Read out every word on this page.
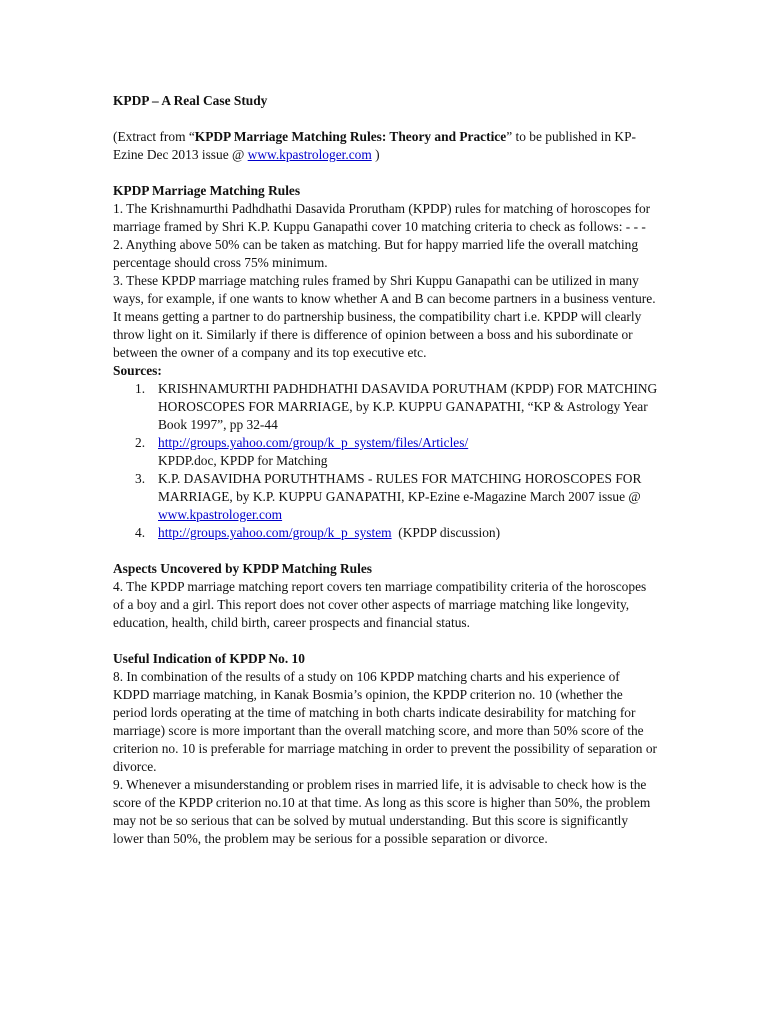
KPDP – A Real Case Study

(Extract from “KPDP Marriage Matching Rules: Theory and Practice” to be published in KP-Ezine Dec 2013 issue @ www.kpastrologer.com )

KPDP Marriage Matching Rules

1. The Krishnamurthi Padhdhathi Dasavida Prorutham (KPDP) rules for matching of horoscopes for marriage framed by Shri K.P. Kuppu Ganapathi cover 10 matching criteria to check as follows: - - -

2. Anything above 50% can be taken as matching. But for happy married life the overall matching percentage should cross 75% minimum.

3. These KPDP marriage matching rules framed by Shri Kuppu Ganapathi can be utilized in many ways, for example, if one wants to know whether A and B can become partners in a business venture. It means getting a partner to do partnership business, the compatibility chart i.e. KPDP will clearly throw light on it. Similarly if there is difference of opinion between a boss and his subordinate or between the owner of a company and its top executive etc.

Sources:
1. KRISHNAMURTHI PADHDHATHI DASAVIDA PORUTHAM (KPDP) FOR MATCHING HOROSCOPES FOR MARRIAGE, by K.P. KUPPU GANAPATHI, “KP & Astrology Year Book 1997”, pp 32-44
2. http://groups.yahoo.com/group/k_p_system/files/Articles/
KPDP.doc, KPDP for Matching
3. K.P. DASAVIDHA PORUTHTHAMS - RULES FOR MATCHING HOROSCOPES FOR MARRIAGE, by K.P. KUPPU GANAPATHI, KP-Ezine e-Magazine March 2007 issue @ www.kpastrologer.com
4. http://groups.yahoo.com/group/k_p_system  (KPDP discussion)
Aspects Uncovered by KPDP Matching Rules

4. The KPDP marriage matching report covers ten marriage compatibility criteria of the horoscopes of a boy and a girl. This report does not cover other aspects of marriage matching like longevity, education, health, child birth, career prospects and financial status.

Useful Indication of KPDP No. 10

8. In combination of the results of a study on 106 KPDP matching charts and his experience of KDPD marriage matching, in Kanak Bosmia’s opinion, the KPDP criterion no. 10 (whether the period lords operating at the time of matching in both charts indicate desirability for matching for marriage) score is more important than the overall matching score, and more than 50% score of the criterion no. 10 is preferable for marriage matching in order to prevent the possibility of separation or divorce.

9. Whenever a misunderstanding or problem rises in married life, it is advisable to check how is the score of the KPDP criterion no.10 at that time. As long as this score is higher than 50%, the problem may not be so serious that can be solved by mutual understanding. But this score is significantly lower than 50%, the problem may be serious for a possible separation or divorce.
